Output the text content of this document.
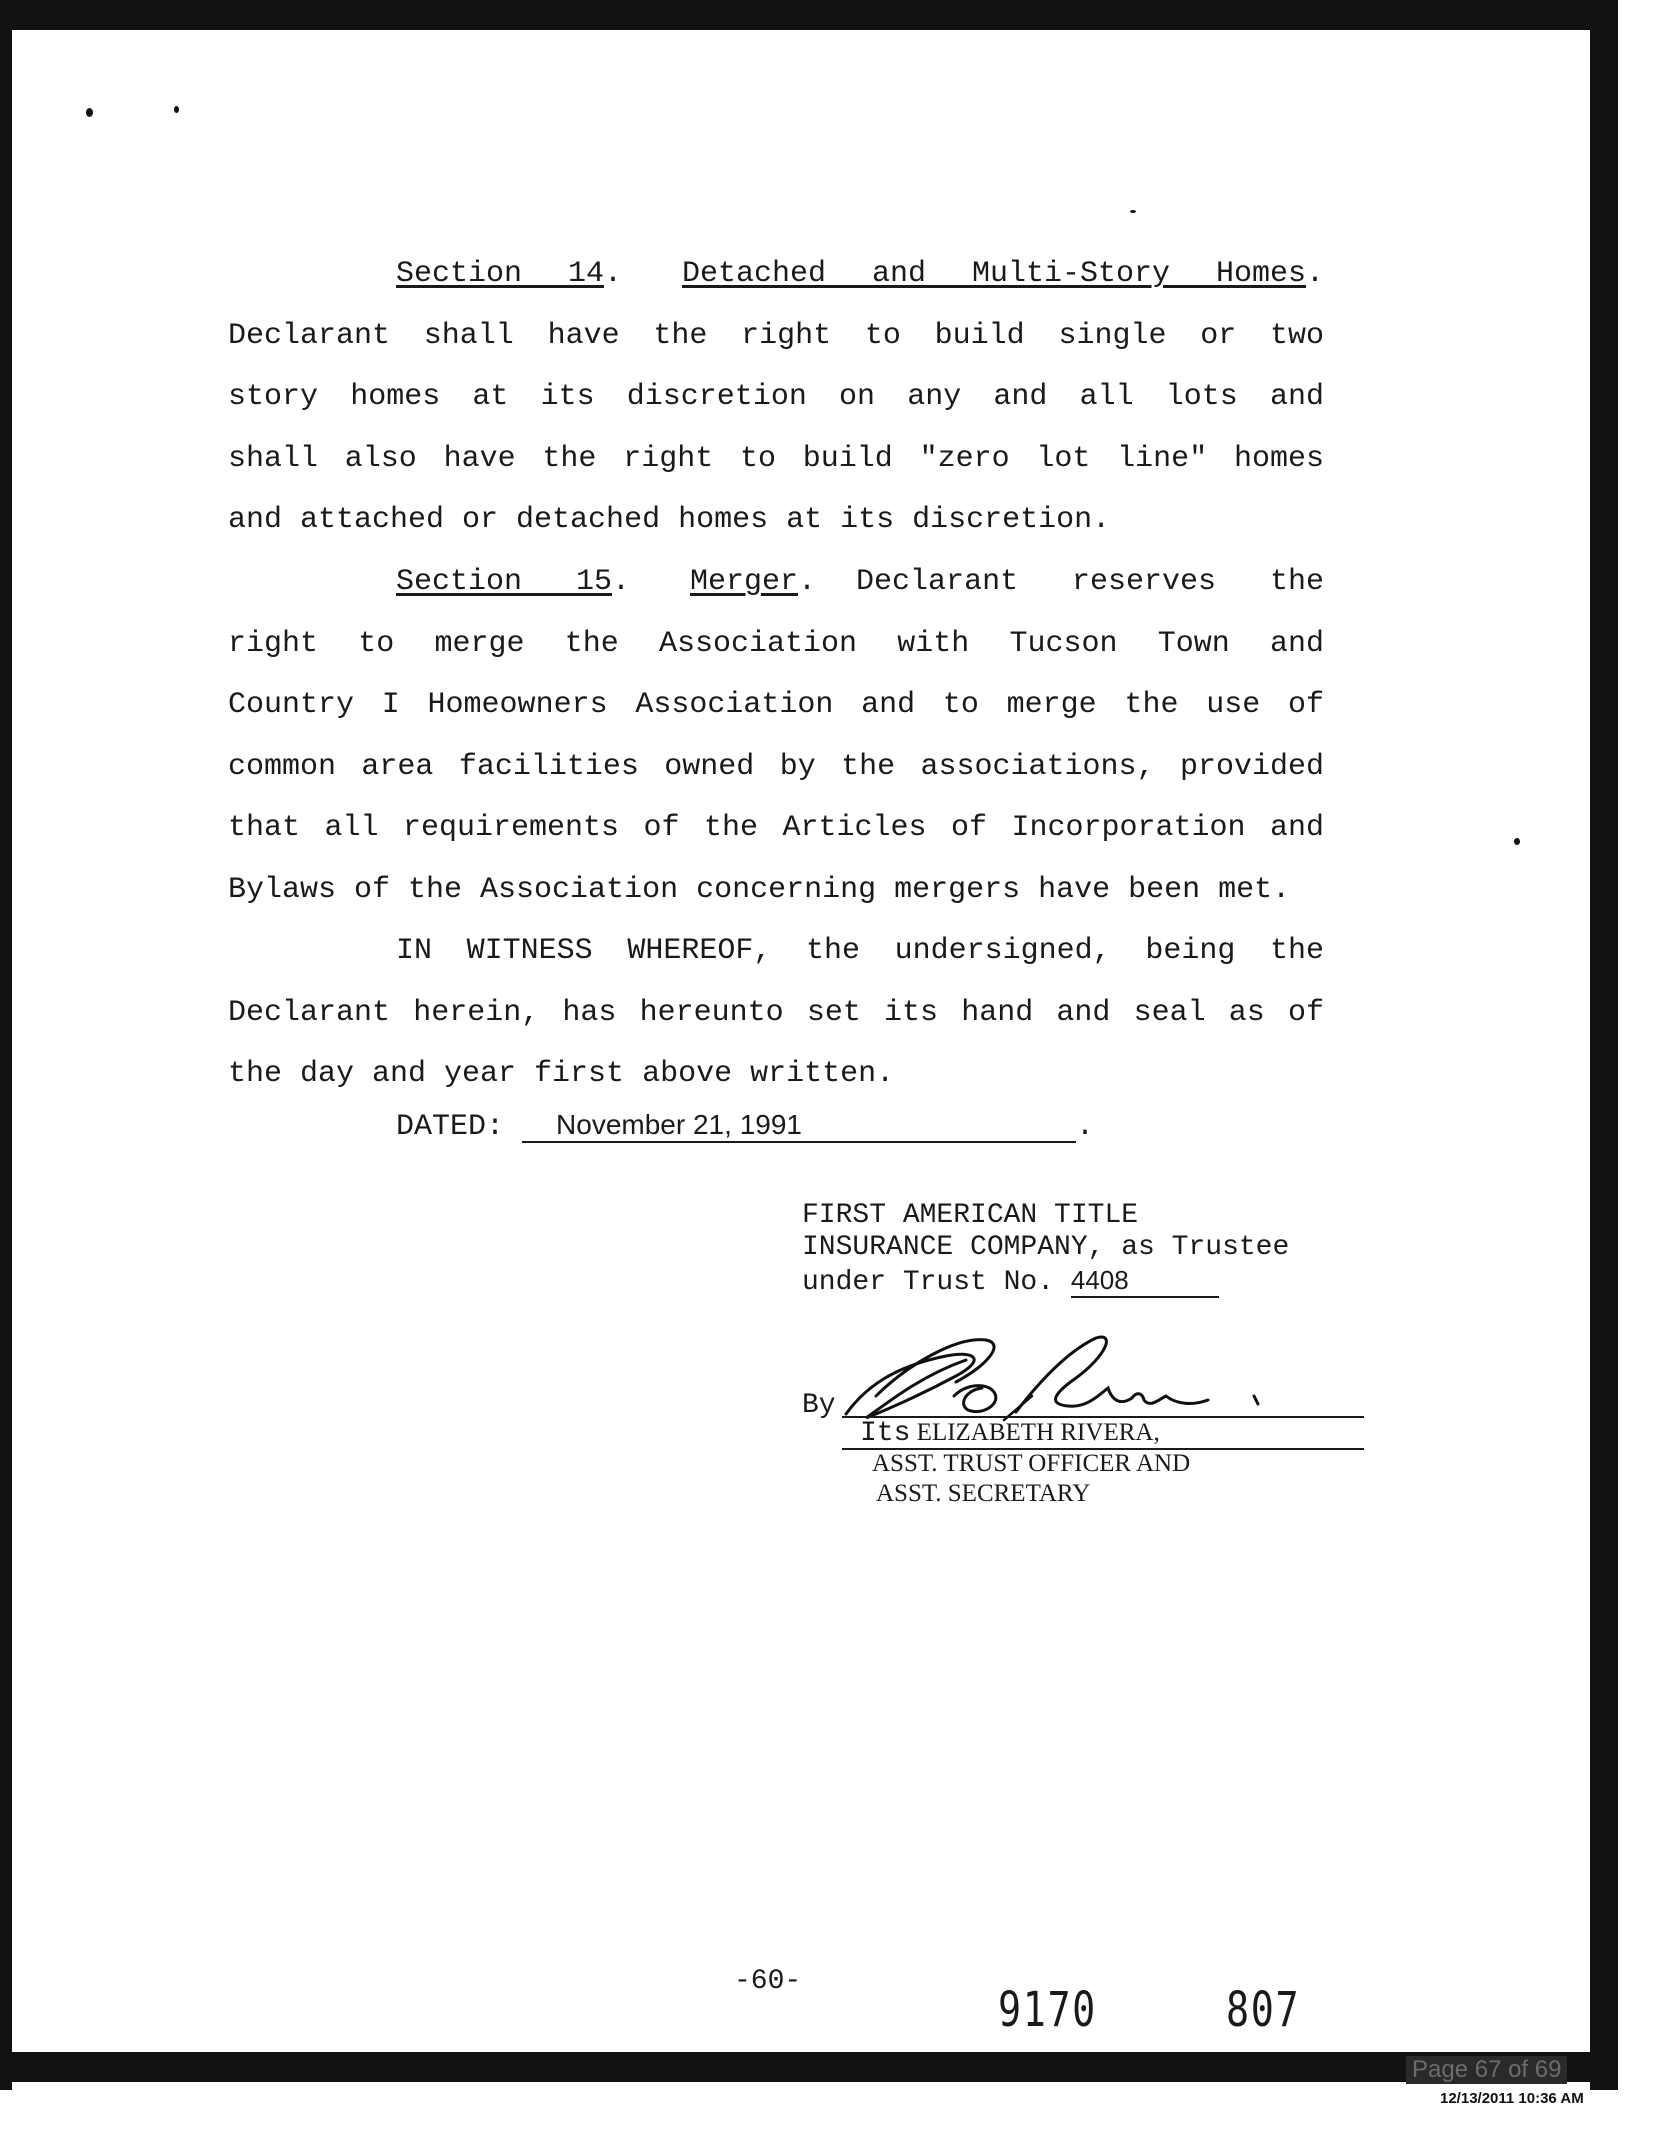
Section 14. Detached and Multi-Story Homes.
Declarant shall have the right to build single or two
story homes at its discretion on any and all lots and
shall also have the right to build "zero lot line" homes
and attached or detached homes at its discretion.
Section 15. Merger. Declarant reserves the
right to merge the Association with Tucson Town and
Country I Homeowners Association and to merge the use of
common area facilities owned by the associations, provided
that all requirements of the Articles of Incorporation and
Bylaws of the Association concerning mergers have been met.
IN WITNESS WHEREOF, the undersigned, being the
Declarant herein, has hereunto set its hand and seal as of
the day and year first above written.
DATED: November 21, 1991	.
FIRST AMERICAN TITLE
INSURANCE COMPANY, as Trustee
under Trust No. 4408
By
Its ELIZABETH RIVERA,
ASST. TRUST OFFICER AND
ASST. SECRETARY
-60-
9170	807
Page 67 of 69
12/13/2011 10:36 AM
